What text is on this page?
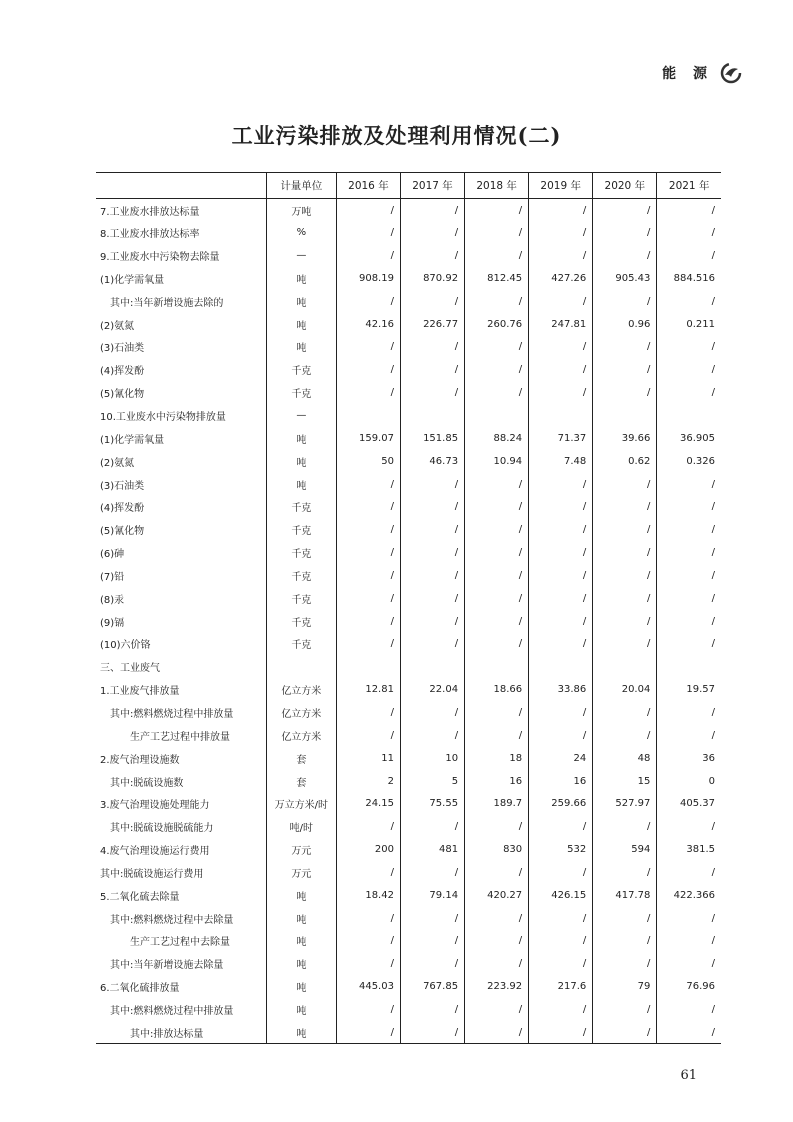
能 源
工业污染排放及处理利用情况(二)
	计量单位	2016 年	2017 年	2018 年	2019 年	2020 年	2021 年
7.工业废水排放达标量	万吨	/	/	/	/	/	/
8.工业废水排放达标率	%	/	/	/	/	/	/
9.工业废水中污染物去除量	—	/	/	/	/	/	/
(1)化学需氧量	吨	908.19	870.92	812.45	427.26	905.43	884.516
其中:当年新增设施去除的	吨	/	/	/	/	/	/
(2)氨氮	吨	42.16	226.77	260.76	247.81	0.96	0.211
(3)石油类	吨	/	/	/	/	/	/
(4)挥发酚	千克	/	/	/	/	/	/
(5)氰化物	千克	/	/	/	/	/	/
10.工业废水中污染物排放量	—						
(1)化学需氧量	吨	159.07	151.85	88.24	71.37	39.66	36.905
(2)氨氮	吨	50	46.73	10.94	7.48	0.62	0.326
(3)石油类	吨	/	/	/	/	/	/
(4)挥发酚	千克	/	/	/	/	/	/
(5)氰化物	千克	/	/	/	/	/	/
(6)砷	千克	/	/	/	/	/	/
(7)铅	千克	/	/	/	/	/	/
(8)汞	千克	/	/	/	/	/	/
(9)镉	千克	/	/	/	/	/	/
(10)六价铬	千克	/	/	/	/	/	/
三、工业废气							
1.工业废气排放量	亿立方米	12.81	22.04	18.66	33.86	20.04	19.57
其中:燃料燃烧过程中排放量	亿立方米	/	/	/	/	/	/
生产工艺过程中排放量	亿立方米	/	/	/	/	/	/
2.废气治理设施数	套	11	10	18	24	48	36
其中:脱硫设施数	套	2	5	16	16	15	0
3.废气治理设施处理能力	万立方米/时	24.15	75.55	189.7	259.66	527.97	405.37
其中:脱硫设施脱硫能力	吨/时	/	/	/	/	/	/
4.废气治理设施运行费用	万元	200	481	830	532	594	381.5
其中:脱硫设施运行费用	万元	/	/	/	/	/	/
5.二氧化硫去除量	吨	18.42	79.14	420.27	426.15	417.78	422.366
其中:燃料燃烧过程中去除量	吨	/	/	/	/	/	/
生产工艺过程中去除量	吨	/	/	/	/	/	/
其中:当年新增设施去除量	吨	/	/	/	/	/	/
6.二氧化硫排放量	吨	445.03	767.85	223.92	217.6	79	76.96
其中:燃料燃烧过程中排放量	吨	/	/	/	/	/	/
其中:排放达标量	吨	/	/	/	/	/	/
61
